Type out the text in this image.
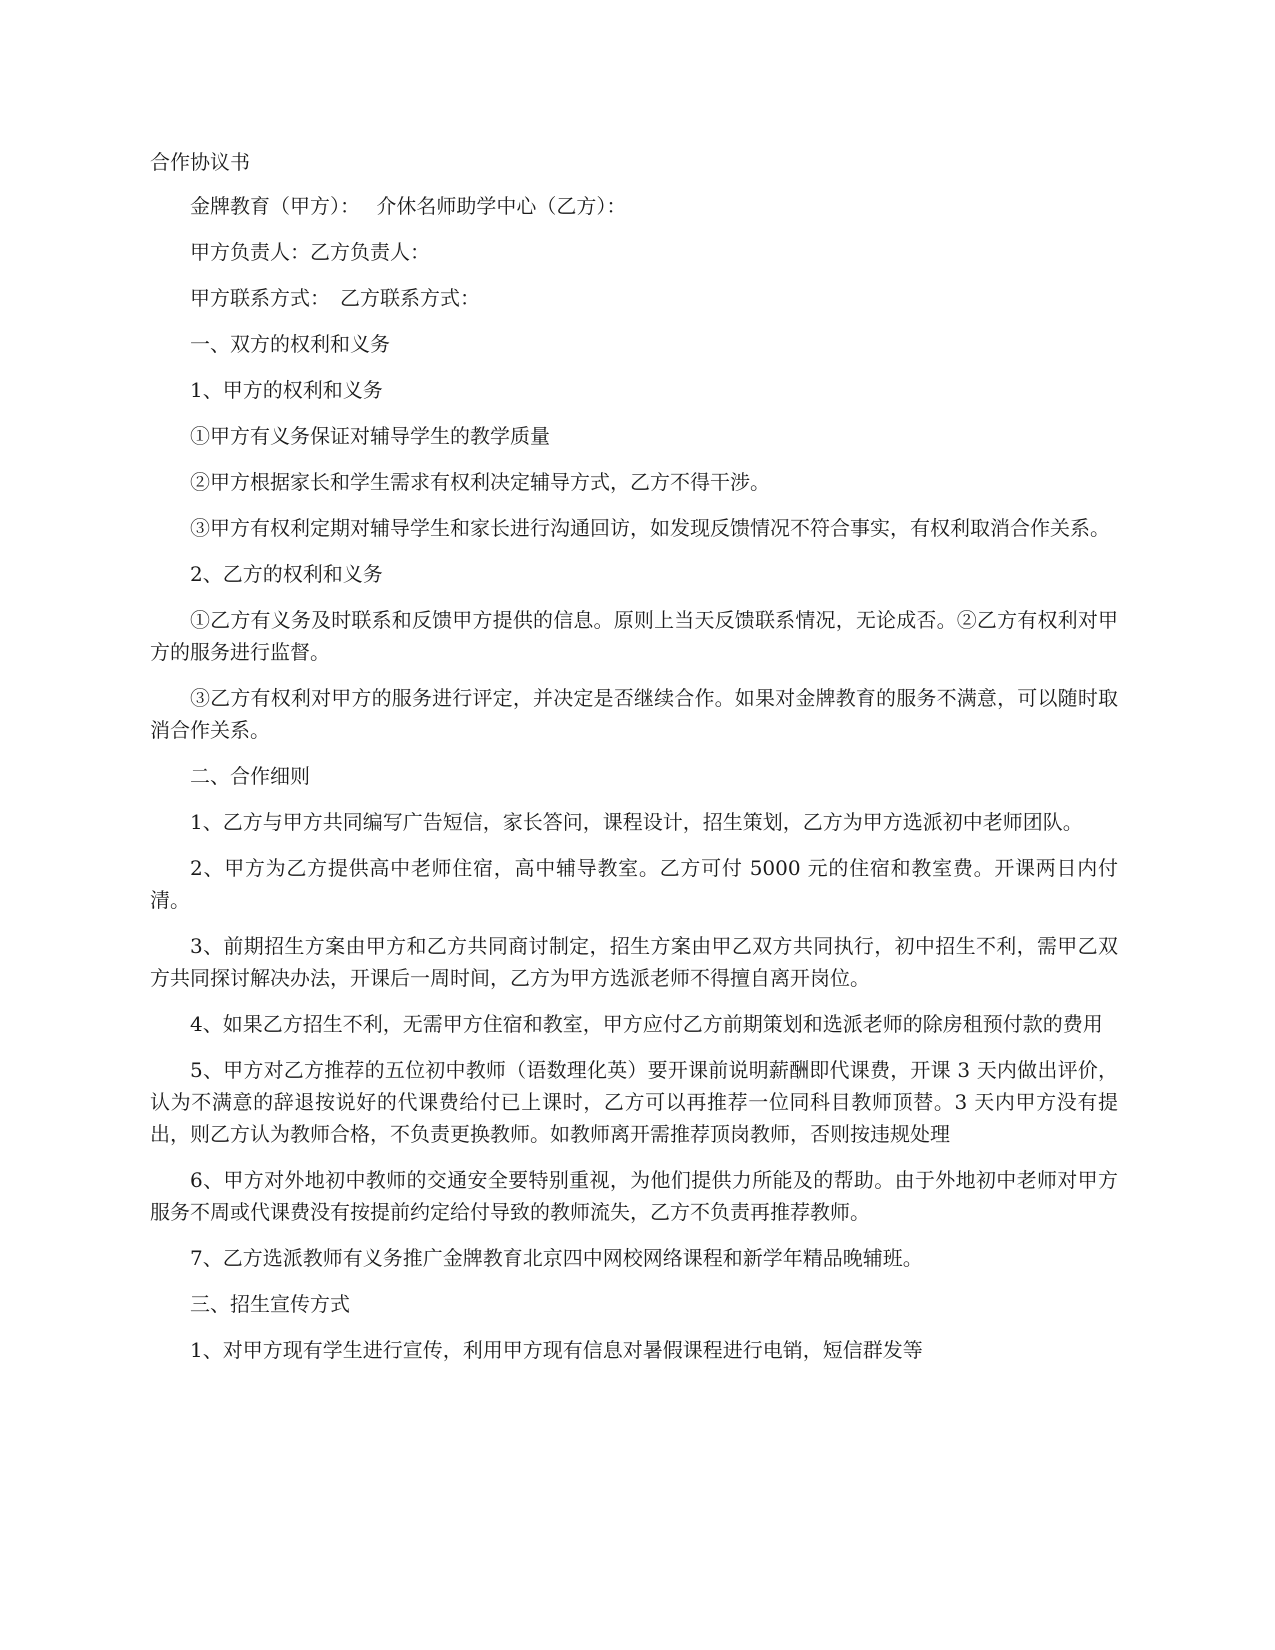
合作协议书

金牌教育（甲方）：　 介休名师助学中心（乙方）：

甲方负责人：乙方负责人：

甲方联系方式：　乙方联系方式：

一、双方的权利和义务

1、甲方的权利和义务

①甲方有义务保证对辅导学生的教学质量

②甲方根据家长和学生需求有权利决定辅导方式，乙方不得干涉。

③甲方有权利定期对辅导学生和家长进行沟通回访，如发现反馈情况不符合事实，有权利取消合作关系。

2、乙方的权利和义务

①乙方有义务及时联系和反馈甲方提供的信息。原则上当天反馈联系情况，无论成否。②乙方有权利对甲方的服务进行监督。

③乙方有权利对甲方的服务进行评定，并决定是否继续合作。如果对金牌教育的服务不满意，可以随时取消合作关系。

二、合作细则

1、乙方与甲方共同编写广告短信，家长答问，课程设计，招生策划，乙方为甲方选派初中老师团队。

2、甲方为乙方提供高中老师住宿，高中辅导教室。乙方可付 5000 元的住宿和教室费。开课两日内付清。

3、前期招生方案由甲方和乙方共同商讨制定，招生方案由甲乙双方共同执行，初中招生不利，需甲乙双方共同探讨解决办法，开课后一周时间，乙方为甲方选派老师不得擅自离开岗位。

4、如果乙方招生不利，无需甲方住宿和教室，甲方应付乙方前期策划和选派老师的除房租预付款的费用

5、甲方对乙方推荐的五位初中教师（语数理化英）要开课前说明薪酬即代课费，开课 3 天内做出评价，认为不满意的辞退按说好的代课费给付已上课时，乙方可以再推荐一位同科目教师顶替。3 天内甲方没有提出，则乙方认为教师合格，不负责更换教师。如教师离开需推荐顶岗教师，否则按违规处理

6、甲方对外地初中教师的交通安全要特别重视，为他们提供力所能及的帮助。由于外地初中老师对甲方服务不周或代课费没有按提前约定给付导致的教师流失，乙方不负责再推荐教师。

7、乙方选派教师有义务推广金牌教育北京四中网校网络课程和新学年精品晚辅班。

三、招生宣传方式

1、对甲方现有学生进行宣传，利用甲方现有信息对暑假课程进行电销，短信群发等
